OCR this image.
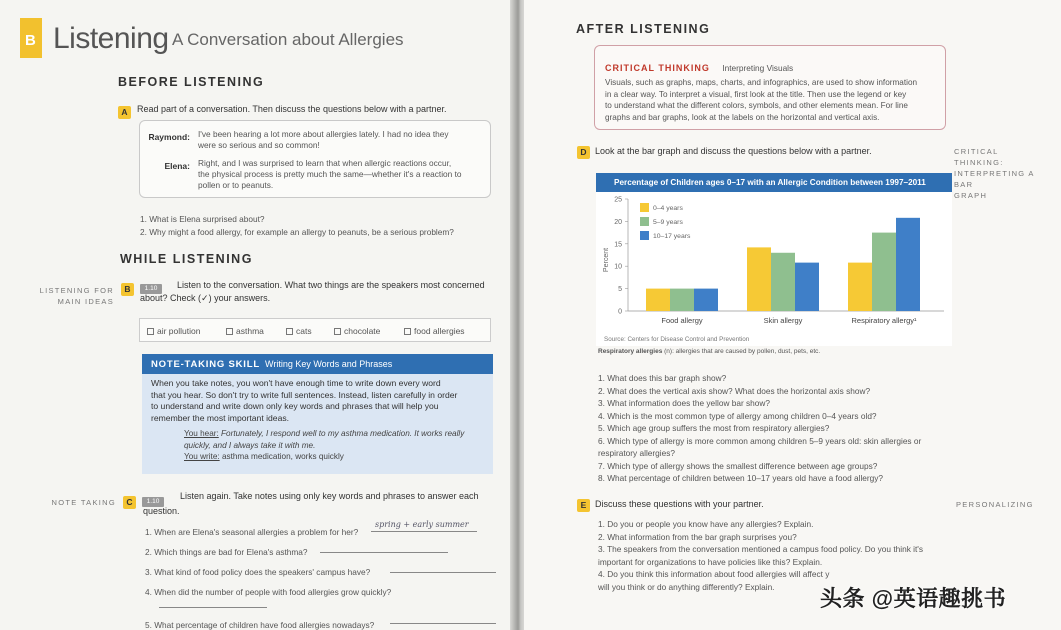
B Listening A Conversation about Allergies
BEFORE LISTENING
A	Read part of a conversation. Then discuss the questions below with a partner.
Raymond: I've been hearing a lot more about allergies lately. I had no idea they
were so serious and so common!
Elena: Right, and I was surprised to learn that when allergic reactions occur,
the physical process is pretty much the same—whether it's a reaction to
pollen or to peanuts.
1. What is Elena surprised about?
2. Why might a food allergy, for example an allergy to peanuts, be a serious problem?
WHILE LISTENING
LISTENING FOR
MAIN IDEAS
B	1.10	Listen to the conversation. What two things are the speakers most concerned
about? Check (✓) your answers.
air pollution	asthma	cats	chocolate	food allergies
NOTE-TAKING SKILL Writing Key Words and Phrases
When you take notes, you won't have enough time to write down every word
that you hear. So don't try to write full sentences. Instead, listen carefully in order
to understand and write down only key words and phrases that will help you
remember the most important ideas.
You hear: Fortunately, I respond well to my asthma medication. It works really
quickly, and I always take it with me.
You write: asthma medication, works quickly
NOTE TAKING	C	1.10
Listen again. Take notes using only key words and phrases to answer each
question.
1. When are Elena's seasonal allergies a problem for her?
spring + early summer
2. Which things are bad for Elena's asthma?
3. What kind of food policy does the speakers' campus have?
4. When did the number of people with food allergies grow quickly?
5. What percentage of children have food allergies nowadays?
AFTER LISTENING
CRITICAL THINKING Interpreting Visuals
Visuals, such as graphs, maps, charts, and infographics, are used to show information
in a clear way. To interpret a visual, first look at the title. Then use the legend or key
to understand what the different colors, symbols, and other elements mean. For line
graphs and bar graphs, look at the labels on the horizontal and vertical axis.
D Look at the bar graph and discuss the questions below with a partner.	CRITICAL THINKING:
INTERPRETING A BAR
GRAPH
Percentage of Children ages 0–17 with an Allergic Condition between 1997–2011
0
5
10
15
20
25
Percent
Food allergy	Skin allergy	Respiratory allergy¹
Source: Centers for Disease Control and Prevention
0–4 years
5–9 years
10–17 years
Respiratory allergies (n): allergies that are caused by pollen, dust, pets, etc.
1. What does this bar graph show?
2. What does the vertical axis show? What does the horizontal axis show?
3. What information does the yellow bar show?
4. Which is the most common type of allergy among children 0–4 years old?
5. Which age group suffers the most from respiratory allergies?
6. Which type of allergy is more common among children 5–9 years old: skin allergies or
respiratory allergies?
7. Which type of allergy shows the smallest difference between age groups?
8. What percentage of children between 10–17 years old have a food allergy?
E Discuss these questions with your partner.	PERSONALIZING
1. Do you or people you know have any allergies? Explain.
2. What information from the bar graph surprises you?
3. The speakers from the conversation mentioned a campus food policy. Do you think it's
important for organizations to have policies like this? Explain.
4. Do you think this information about food allergies will affect y
will you think or do anything differently? Explain.	头条 @英语趣挑书
